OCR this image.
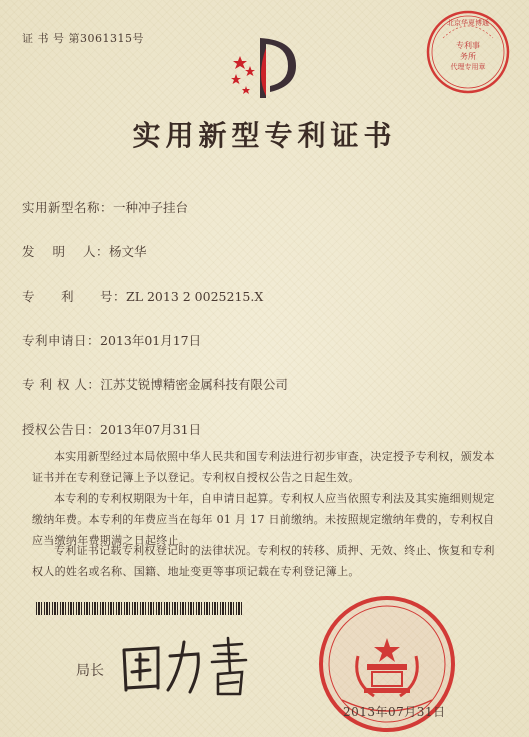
证 书 号 第3061315号
北京华夏博通
专利事务所
代理专用章
实用新型专利证书
实用新型名称：一种冲子挂台
发　 明　 人：杨文华
专　　利　　号：ZL 2013 2 0025215.X
专利申请日：2013年01月17日
专 利 权 人：江苏艾锐博精密金属科技有限公司
授权公告日：2013年07月31日
本实用新型经过本局依照中华人民共和国专利法进行初步审查，决定授予专利权，颁发本证书并在专利登记簿上予以登记。专利权自授权公告之日起生效。
本专利的专利权期限为十年，自申请日起算。专利权人应当依照专利法及其实施细则规定缴纳年费。本专利的年费应当在每年 01 月 17 日前缴纳。未按照规定缴纳年费的，专利权自应当缴纳年费期满之日起终止。
专利证书记载专利权登记时的法律状况。专利权的转移、质押、无效、终止、恢复和专利权人的姓名或名称、国籍、地址变更等事项记载在专利登记簿上。
局长
2013年07月31日
